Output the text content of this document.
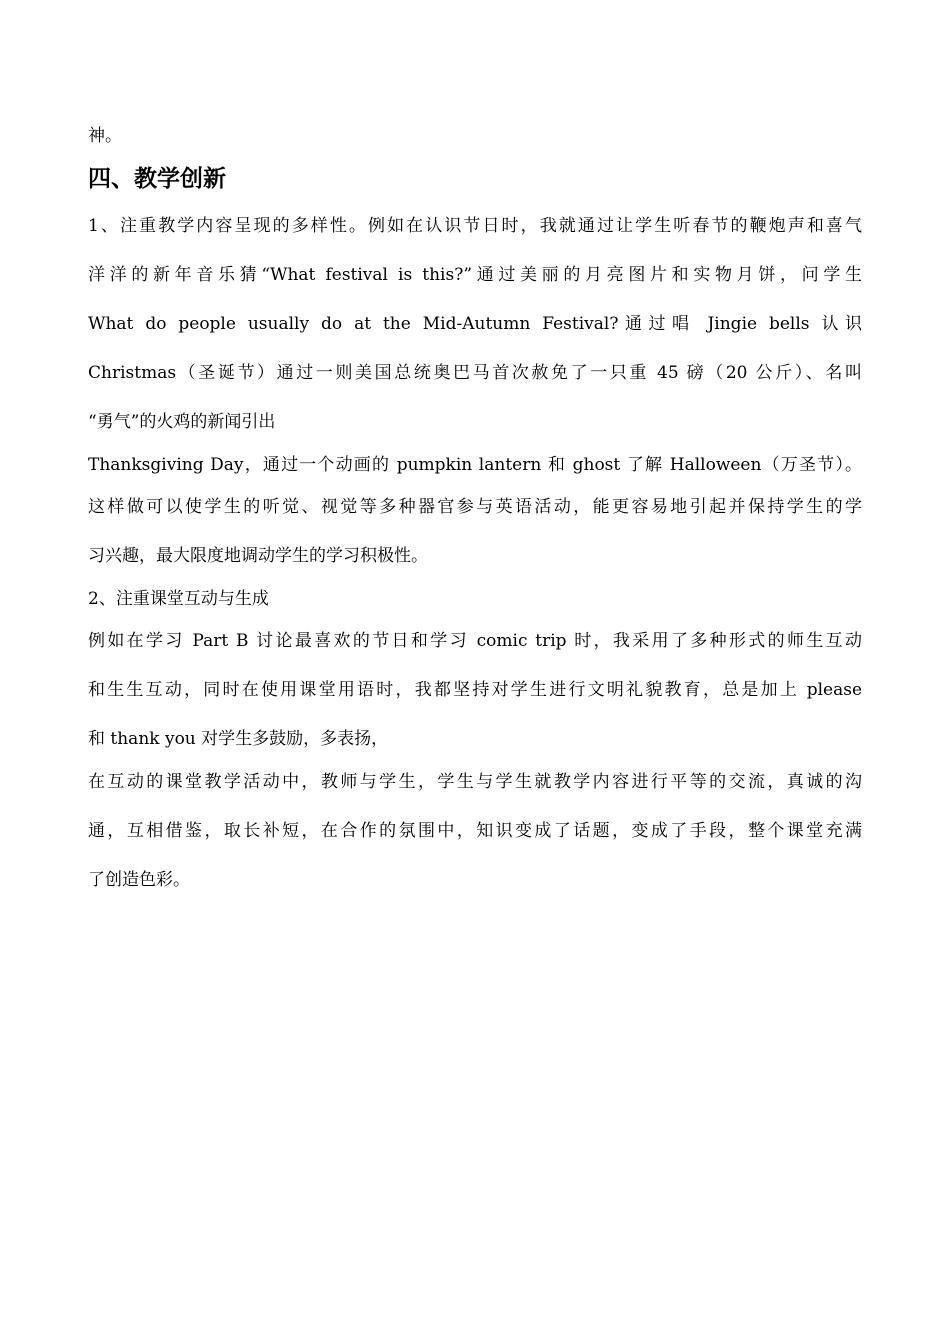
神。
四、教学创新
1、注重教学内容呈现的多样性。例如在认识节日时，我就通过让学生听春节的鞭炮声和喜气
洋洋的新年音乐猜“What festival is this?”通过美丽的月亮图片和实物月饼，问学生
What do people usually do at the Mid-Autumn Festival?通过唱 Jingie bells 认识
Christmas（圣诞节）通过一则美国总统奥巴马首次赦免了一只重 45 磅（20 公斤）、名叫
“勇气”的火鸡的新闻引出
Thanksgiving Day，通过一个动画的 pumpkin lantern 和 ghost 了解 Halloween（万圣节）。
这样做可以使学生的听觉、视觉等多种器官参与英语活动，能更容易地引起并保持学生的学
习兴趣，最大限度地调动学生的学习积极性。
2、注重课堂互动与生成
例如在学习 Part B 讨论最喜欢的节日和学习 comic trip 时，我采用了多种形式的师生互动
和生生互动，同时在使用课堂用语时，我都坚持对学生进行文明礼貌教育，总是加上 please
和 thank you 对学生多鼓励，多表扬，
在互动的课堂教学活动中，教师与学生，学生与学生就教学内容进行平等的交流，真诚的沟
通，互相借鉴，取长补短，在合作的氛围中，知识变成了话题，变成了手段，整个课堂充满
了创造色彩。
